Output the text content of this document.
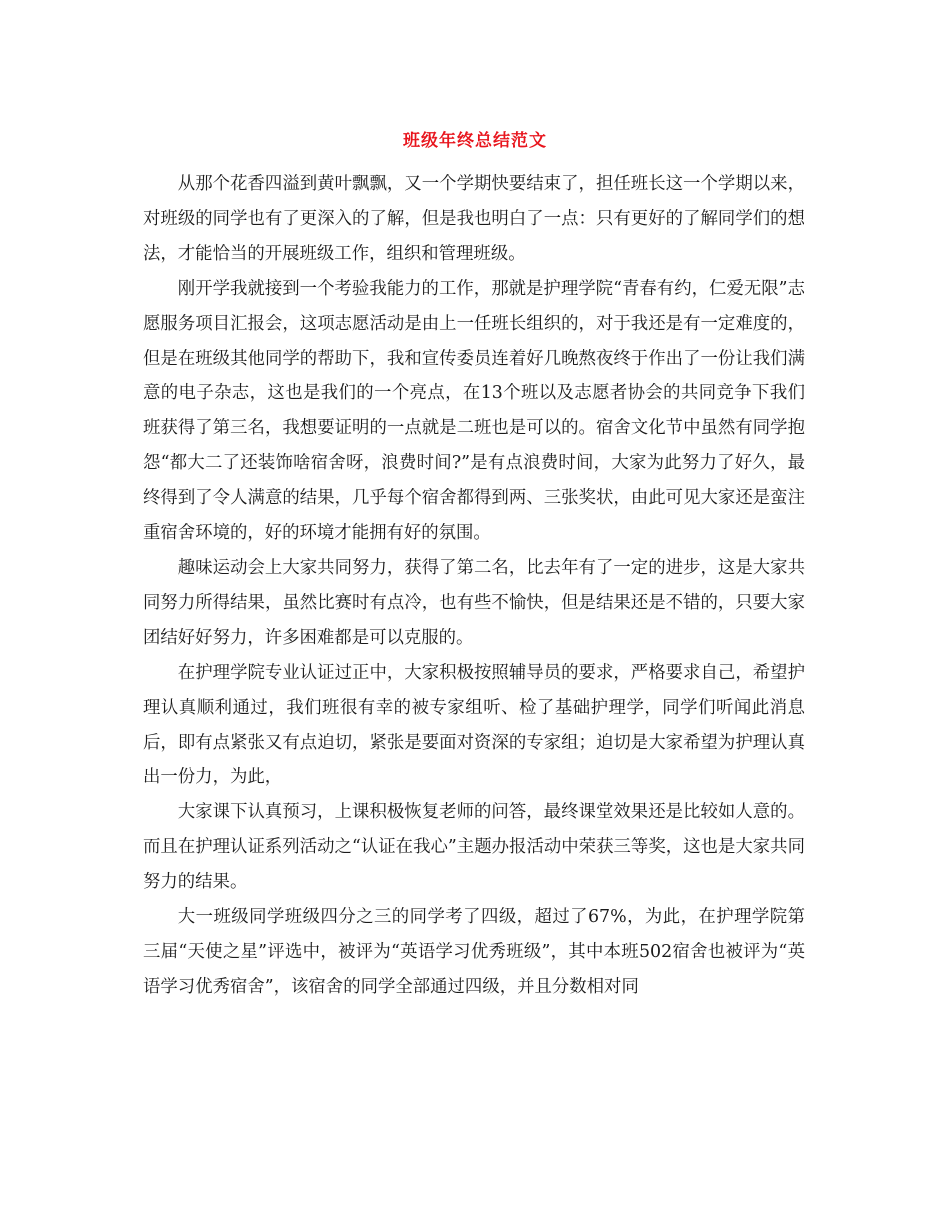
班级年终总结范文

从那个花香四溢到黄叶飘飘，又一个学期快要结束了，担任班长这一个学期以来，对班级的同学也有了更深入的了解，但是我也明白了一点：只有更好的了解同学们的想法，才能恰当的开展班级工作，组织和管理班级。

刚开学我就接到一个考验我能力的工作，那就是护理学院“青春有约，仁爱无限”志愿服务项目汇报会，这项志愿活动是由上一任班长组织的，对于我还是有一定难度的，但是在班级其他同学的帮助下，我和宣传委员连着好几晚熬夜终于作出了一份让我们满意的电子杂志，这也是我们的一个亮点，在13个班以及志愿者协会的共同竞争下我们班获得了第三名，我想要证明的一点就是二班也是可以的。宿舍文化节中虽然有同学抱怨“都大二了还装饰啥宿舍呀，浪费时间?”是有点浪费时间，大家为此努力了好久，最终得到了令人满意的结果，几乎每个宿舍都得到两、三张奖状，由此可见大家还是蛮注重宿舍环境的，好的环境才能拥有好的氛围。

趣味运动会上大家共同努力，获得了第二名，比去年有了一定的进步，这是大家共同努力所得结果，虽然比赛时有点冷，也有些不愉快，但是结果还是不错的，只要大家团结好好努力，许多困难都是可以克服的。

在护理学院专业认证过正中，大家积极按照辅导员的要求，严格要求自己，希望护理认真顺利通过，我们班很有幸的被专家组听、检了基础护理学，同学们听闻此消息后，即有点紧张又有点迫切，紧张是要面对资深的专家组；迫切是大家希望为护理认真出一份力，为此，

大家课下认真预习，上课积极恢复老师的问答，最终课堂效果还是比较如人意的。而且在护理认证系列活动之“认证在我心”主题办报活动中荣获三等奖，这也是大家共同努力的结果。

大一班级同学班级四分之三的同学考了四级，超过了67%，为此，在护理学院第三届“天使之星”评选中，被评为“英语学习优秀班级”，其中本班502宿舍也被评为“英语学习优秀宿舍”，该宿舍的同学全部通过四级，并且分数相对同
